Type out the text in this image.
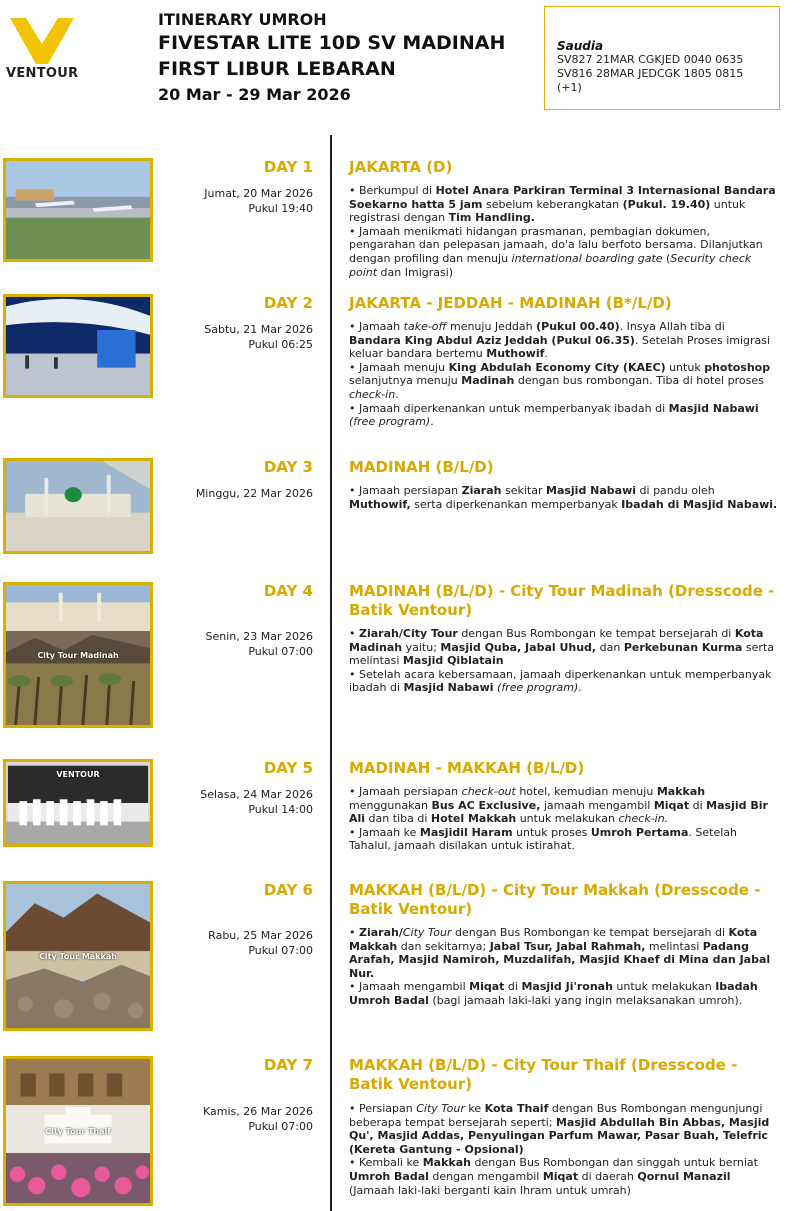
VENTOUR
ITINERARY UMROH
FIVESTAR LITE 10D SV MADINAH
FIRST LIBUR LEBARAN
20 Mar - 29 Mar 2026
Saudia
SV827 21MAR CGKJED 0040 0635
SV816 28MAR JEDCGK 1805 0815 (+1)
DAY 1
Jumat, 20 Mar 2026
Pukul 19:40
JAKARTA (D)

• Berkumpul di Hotel Anara Parkiran Terminal 3 Internasional Bandara Soekarno hatta 5 jam sebelum keberangkatan (Pukul. 19.40) untuk registrasi dengan Tim Handling.

• Jamaah menikmati hidangan prasmanan, pembagian dokumen, pengarahan dan pelepasan jamaah, do'a lalu berfoto bersama. Dilanjutkan dengan profiling dan menuju international boarding gate (Security check point dan Imigrasi)

DAY 2
Sabtu, 21 Mar 2026
Pukul 06:25
JAKARTA - JEDDAH - MADINAH (B*/L/D)

• Jamaah take-off menuju Jeddah (Pukul 00.40). Insya Allah tiba di Bandara King Abdul Aziz Jeddah (Pukul 06.35). Setelah Proses imigrasi keluar bandara bertemu Muthowif.

• Jamaah menuju King Abdulah Economy City (KAEC) untuk photoshop selanjutnya menuju Madinah dengan bus rombongan. Tiba di hotel proses check-in.

• Jamaah diperkenankan untuk memperbanyak ibadah di Masjid Nabawi (free program).

DAY 3
Minggu, 22 Mar 2026
MADINAH (B/L/D)

• Jamaah persiapan Ziarah sekitar Masjid Nabawi di pandu oleh Muthowif, serta diperkenankan memperbanyak Ibadah di Masjid Nabawi.

City Tour Madinah
DAY 4
Senin, 23 Mar 2026
Pukul 07:00
MADINAH (B/L/D) - City Tour Madinah (Dresscode - Batik Ventour)

• Ziarah/City Tour dengan Bus Rombongan ke tempat bersejarah di Kota Madinah yaitu; Masjid Quba, Jabal Uhud, dan Perkebunan Kurma serta melintasi Masjid Qiblatain

• Setelah acara kebersamaan, jamaah diperkenankan untuk memperbanyak ibadah di Masjid Nabawi (free program).

VENTOUR	DAY 5
Selasa, 24 Mar 2026
Pukul 14:00
MADINAH - MAKKAH (B/L/D)

• Jamaah persiapan check-out hotel, kemudian menuju Makkah menggunakan Bus AC Exclusive, jamaah mengambil Miqat di Masjid Bir Ali dan tiba di Hotel Makkah untuk melakukan check-in.

• Jamaah ke Masjidil Haram untuk proses Umroh Pertama. Setelah Tahalul, jamaah disilakan untuk istirahat.

City Tour Makkah
DAY 6
Rabu, 25 Mar 2026
Pukul 07:00
MAKKAH (B/L/D) - City Tour Makkah (Dresscode - Batik Ventour)

• Ziarah/City Tour dengan Bus Rombongan ke tempat bersejarah di Kota Makkah dan sekitarnya; Jabal Tsur, Jabal Rahmah, melintasi Padang Arafah, Masjid Namiroh, Muzdalifah, Masjid Khaef di Mina dan Jabal Nur.

• Jamaah mengambil Miqat di Masjid Ji'ronah untuk melakukan Ibadah Umroh Badal (bagi jamaah laki-laki yang ingin melaksanakan umroh).

City Tour Thaif
DAY 7
Kamis, 26 Mar 2026
Pukul 07:00
MAKKAH (B/L/D) - City Tour Thaif (Dresscode - Batik Ventour)

• Persiapan City Tour ke Kota Thaif dengan Bus Rombongan mengunjungi beberapa tempat bersejarah seperti; Masjid Abdullah Bin Abbas, Masjid Qu', Masjid Addas, Penyulingan Parfum Mawar, Pasar Buah, Telefric (Kereta Gantung - Opsional)

• Kembali ke Makkah dengan Bus Rombongan dan singgah untuk berniat Umroh Badal dengan mengambil Miqat di daerah Qornul Manazil (Jamaah laki-laki berganti kain Ihram untuk umrah)
